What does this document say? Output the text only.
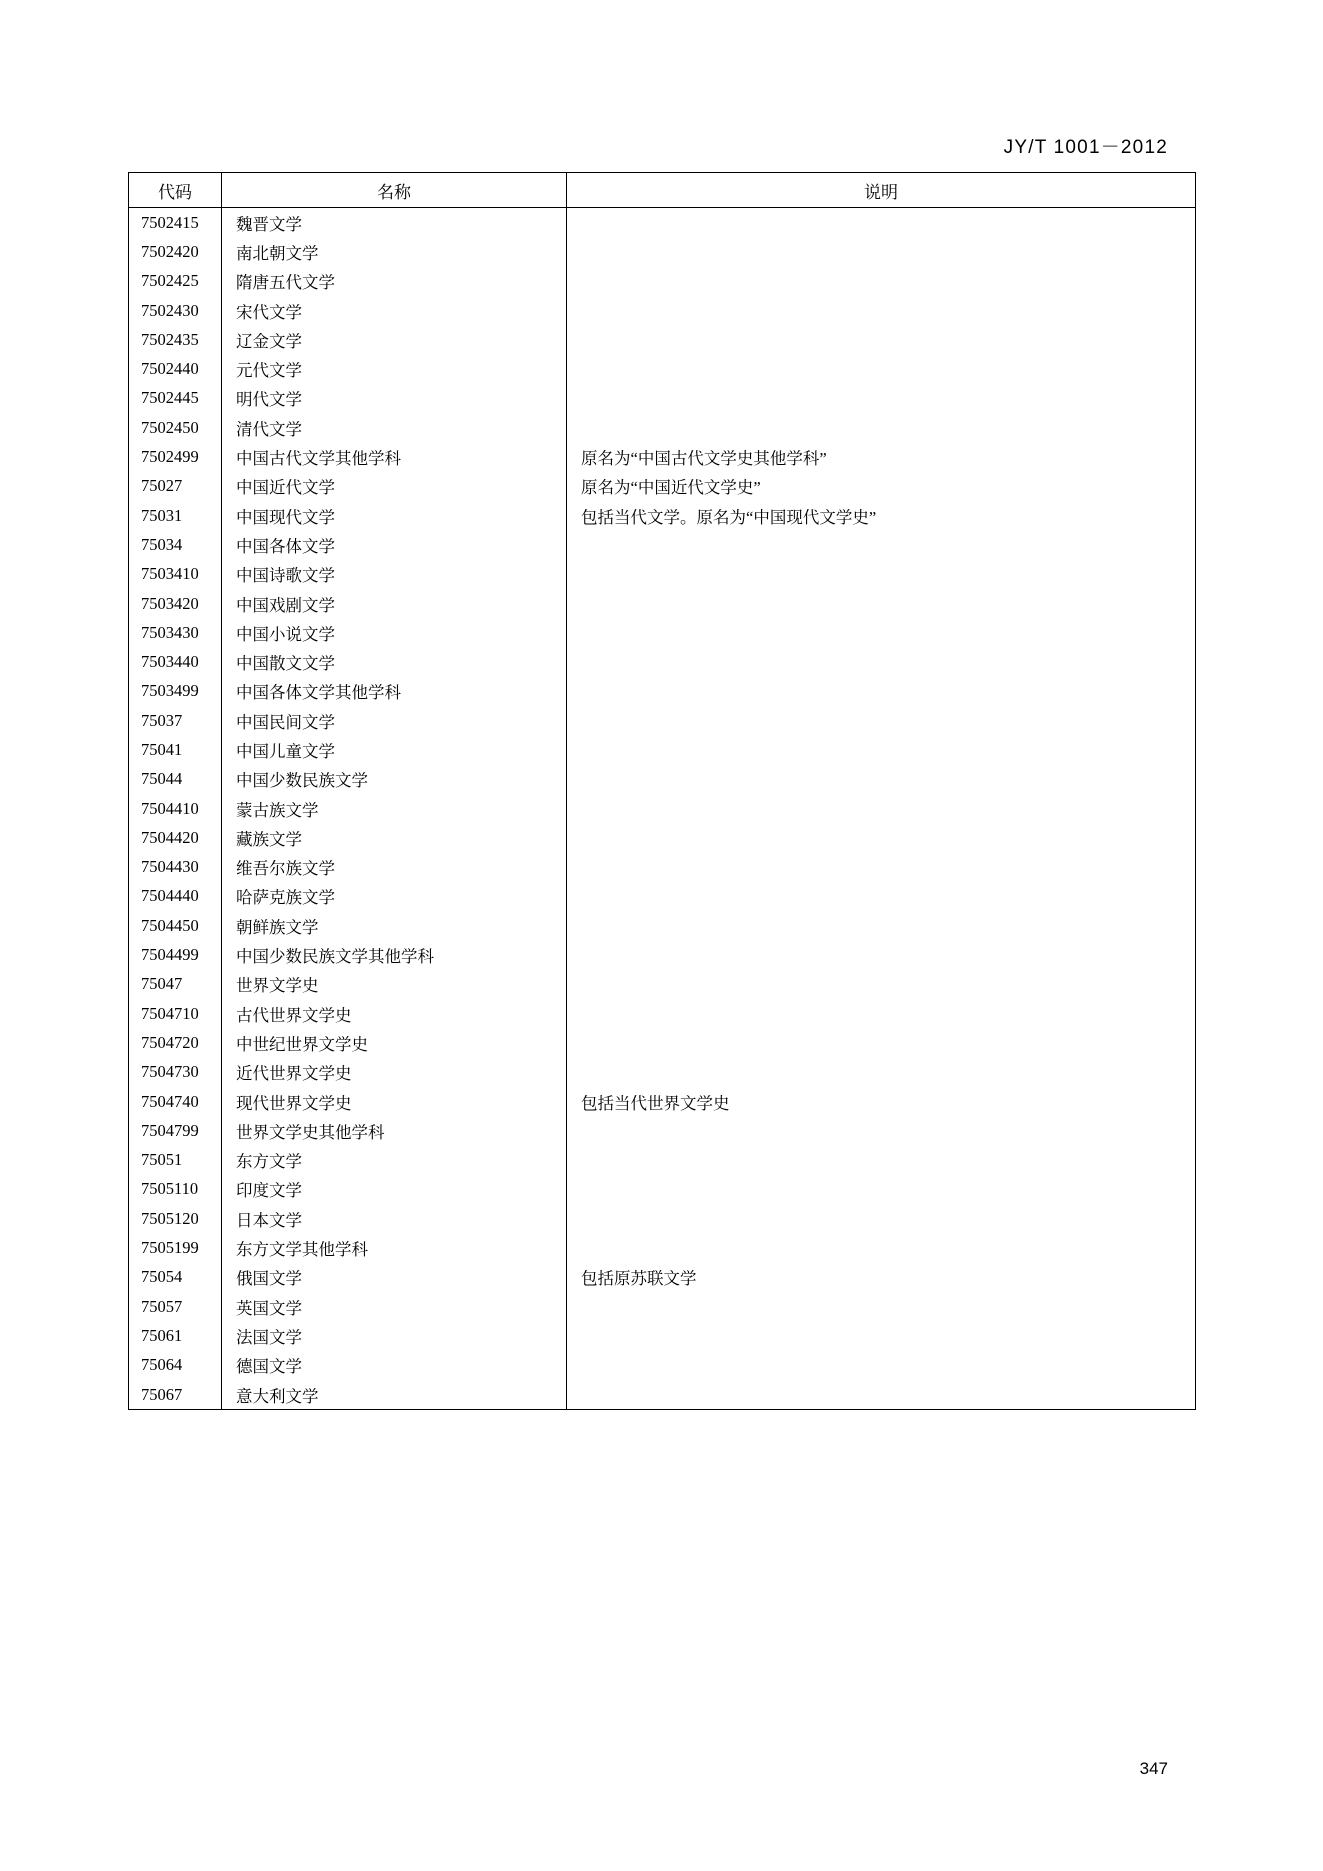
JY/T 1001－2012
代码	名称	说明
7502415	魏晋文学	
7502420	南北朝文学	
7502425	隋唐五代文学	
7502430	宋代文学	
7502435	辽金文学	
7502440	元代文学	
7502445	明代文学	
7502450	清代文学	
7502499	中国古代文学其他学科	原名为“中国古代文学史其他学科”
75027	中国近代文学	原名为“中国近代文学史”
75031	中国现代文学	包括当代文学。原名为“中国现代文学史”
75034	中国各体文学	
7503410	中国诗歌文学	
7503420	中国戏剧文学	
7503430	中国小说文学	
7503440	中国散文文学	
7503499	中国各体文学其他学科	
75037	中国民间文学	
75041	中国儿童文学	
75044	中国少数民族文学	
7504410	蒙古族文学	
7504420	藏族文学	
7504430	维吾尔族文学	
7504440	哈萨克族文学	
7504450	朝鲜族文学	
7504499	中国少数民族文学其他学科	
75047	世界文学史	
7504710	古代世界文学史	
7504720	中世纪世界文学史	
7504730	近代世界文学史	
7504740	现代世界文学史	包括当代世界文学史
7504799	世界文学史其他学科	
75051	东方文学	
7505110	印度文学	
7505120	日本文学	
7505199	东方文学其他学科	
75054	俄国文学	包括原苏联文学
75057	英国文学	
75061	法国文学	
75064	德国文学	
75067	意大利文学	
347
